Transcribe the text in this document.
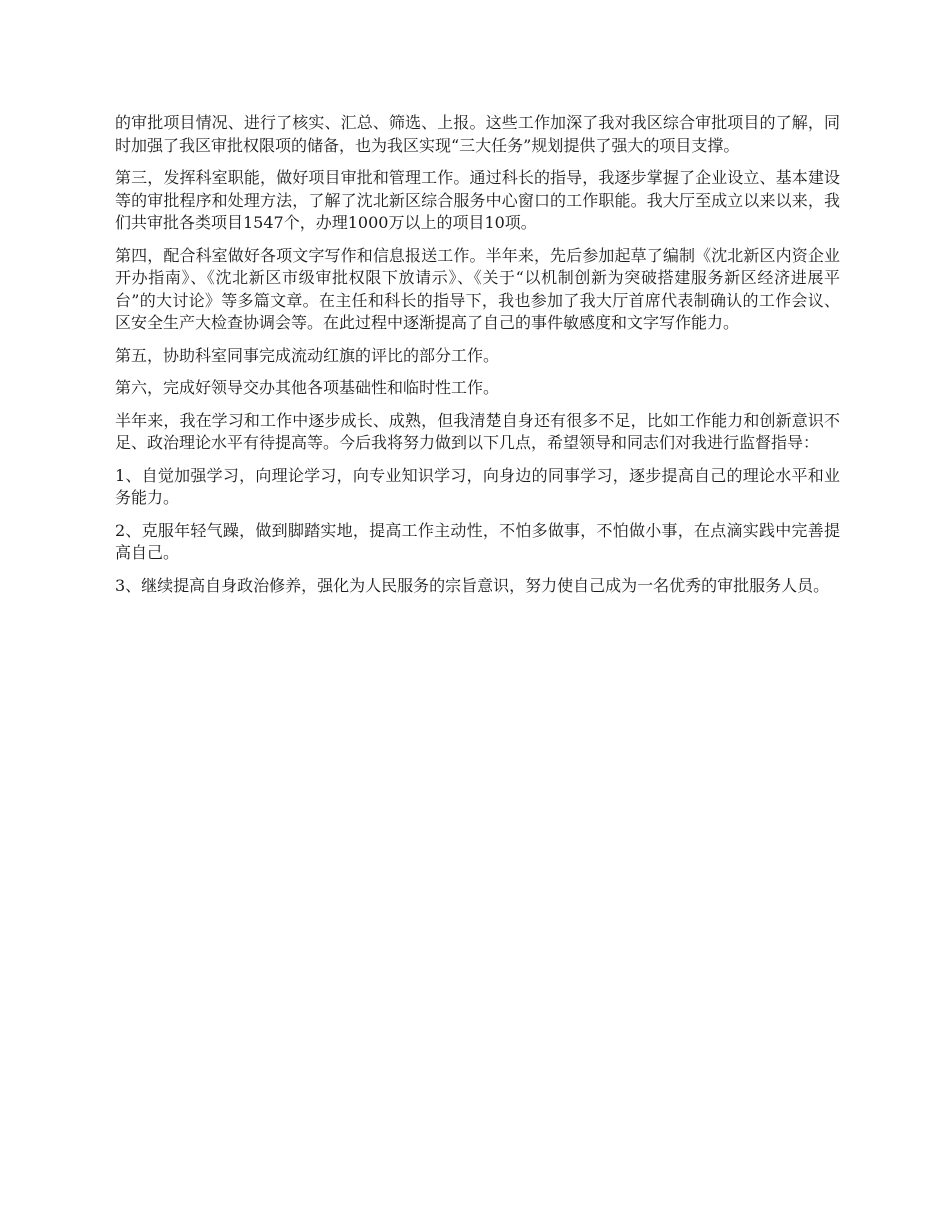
的审批项目情况、进行了核实、汇总、筛选、上报。这些工作加深了我对我区综合审批项目的了解，同时加强了我区审批权限项的储备，也为我区实现“三大任务”规划提供了强大的项目支撑。

第三，发挥科室职能，做好项目审批和管理工作。通过科长的指导，我逐步掌握了企业设立、基本建设等的审批程序和处理方法，了解了沈北新区综合服务中心窗口的工作职能。我大厅至成立以来以来，我们共审批各类项目1547个，办理1000万以上的项目10项。

第四，配合科室做好各项文字写作和信息报送工作。半年来，先后参加起草了编制《沈北新区内资企业开办指南》、《沈北新区市级审批权限下放请示》、《关于“以机制创新为突破搭建服务新区经济进展平台”的大讨论》等多篇文章。在主任和科长的指导下，我也参加了我大厅首席代表制确认的工作会议、区安全生产大检查协调会等。在此过程中逐渐提高了自己的事件敏感度和文字写作能力。

第五，协助科室同事完成流动红旗的评比的部分工作。

第六，完成好领导交办其他各项基础性和临时性工作。

半年来，我在学习和工作中逐步成长、成熟，但我清楚自身还有很多不足，比如工作能力和创新意识不足、政治理论水平有待提高等。今后我将努力做到以下几点，希望领导和同志们对我进行监督指导：

1、自觉加强学习，向理论学习，向专业知识学习，向身边的同事学习，逐步提高自己的理论水平和业务能力。

2、克服年轻气躁，做到脚踏实地，提高工作主动性，不怕多做事，不怕做小事，在点滴实践中完善提高自己。

3、继续提高自身政治修养，强化为人民服务的宗旨意识，努力使自己成为一名优秀的审批服务人员。
